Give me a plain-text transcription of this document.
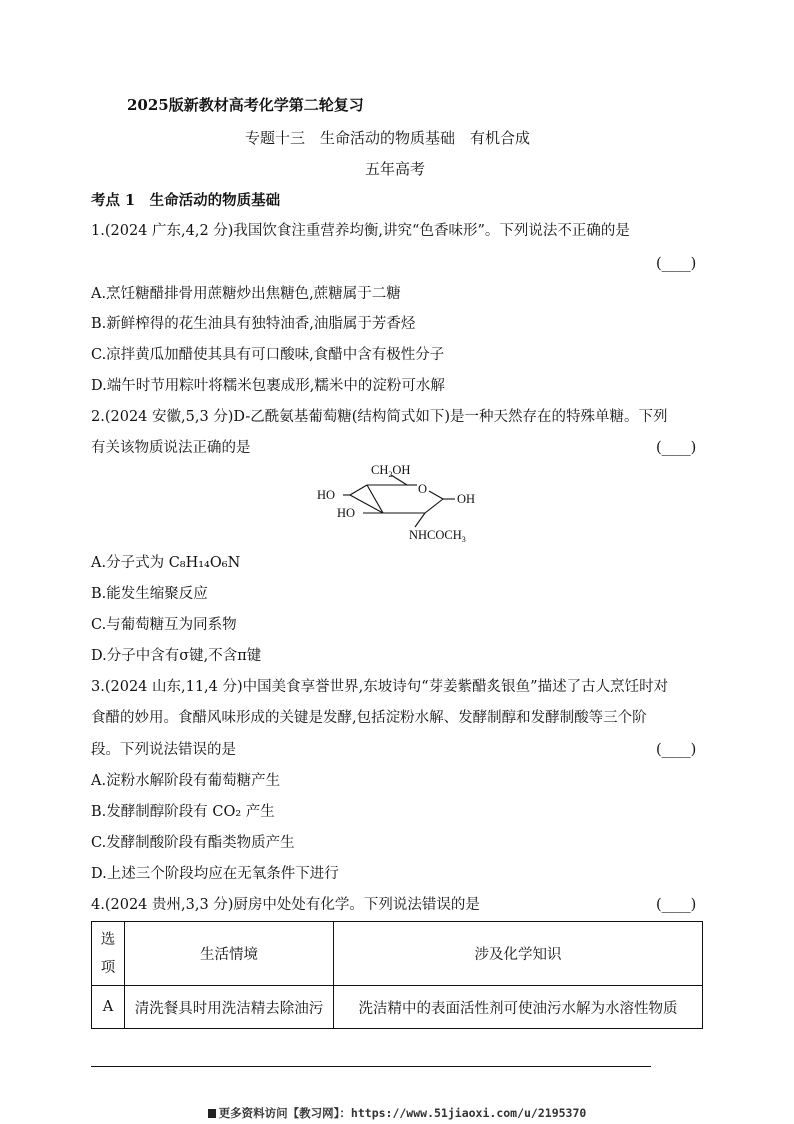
2025版新教材高考化学第二轮复习
专题十三　生命活动的物质基础　有机合成
五年高考
考点 1　生命活动的物质基础
1.(2024 广东,4,2 分)我国饮食注重营养均衡,讲究“色香味形”。下列说法不正确的是
(____)
A.烹饪糖醋排骨用蔗糖炒出焦糖色,蔗糖属于二糖
B.新鲜榨得的花生油具有独特油香,油脂属于芳香烃
C.凉拌黄瓜加醋使其具有可口酸味,食醋中含有极性分子
D.端午时节用粽叶将糯米包裹成形,糯米中的淀粉可水解
2.(2024 安徽,5,3 分)D-乙酰氨基葡萄糖(结构简式如下)是一种天然存在的特殊单糖。下列
有关该物质说法正确的是	(____)
$CH_2OH$
O
OH
HO
HO
$NHCOCH_3$
A.分子式为 C₈H₁₄O₆N
B.能发生缩聚反应
C.与葡萄糖互为同系物
D.分子中含有σ键,不含π键
3.(2024 山东,11,4 分)中国美食享誉世界,东坡诗句“芽姜紫醋炙银鱼”描述了古人烹饪时对
食醋的妙用。食醋风味形成的关键是发酵,包括淀粉水解、发酵制醇和发酵制酸等三个阶
段。下列说法错误的是	(____)
A.淀粉水解阶段有葡萄糖产生
B.发酵制醇阶段有 CO₂ 产生
C.发酵制酸阶段有酯类物质产生
D.上述三个阶段均应在无氧条件下进行
4.(2024 贵州,3,3 分)厨房中处处有化学。下列说法错误的是	(____)
选
项	生活情境	涉及化学知识
A	清洗餐具时用洗洁精去除油污	洗洁精中的表面活性剂可使油污水解为水溶性物质
更多资料访问【教习网】：https://www.51jiaoxi.com/u/2195370
